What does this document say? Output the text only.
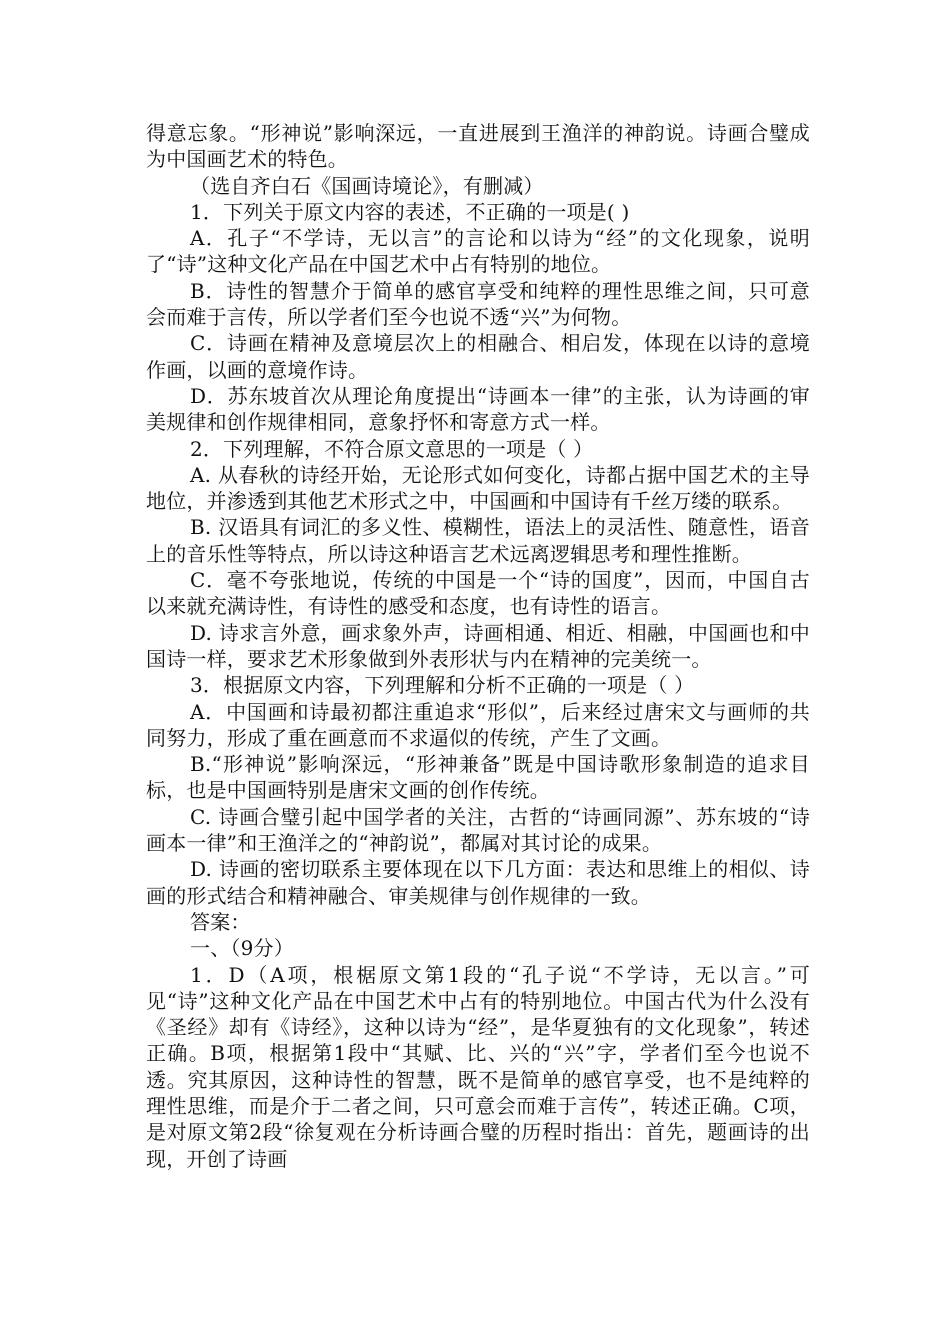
得意忘象。“形神说”影响深远，一直进展到王渔洋的神韵说。诗画合璧成为中国画艺术的特色。

（选自齐白石《国画诗境论》，有删减）

1．下列关于原文内容的表述，不正确的一项是( )

A．孔子“不学诗，无以言”的言论和以诗为“经”的文化现象，说明了“诗”这种文化产品在中国艺术中占有特别的地位。

B．诗性的智慧介于简单的感官享受和纯粹的理性思维之间，只可意会而难于言传，所以学者们至今也说不透“兴”为何物。

C．诗画在精神及意境层次上的相融合、相启发，体现在以诗的意境作画，以画的意境作诗。

D．苏东坡首次从理论角度提出“诗画本一律”的主张，认为诗画的审美规律和创作规律相同，意象抒怀和寄意方式一样。

2．下列理解，不符合原文意思的一项是（ ）

A. 从春秋的诗经开始，无论形式如何变化，诗都占据中国艺术的主导地位，并渗透到其他艺术形式之中，中国画和中国诗有千丝万缕的联系。

B. 汉语具有词汇的多义性、模糊性，语法上的灵活性、随意性，语音上的音乐性等特点，所以诗这种语言艺术远离逻辑思考和理性推断。

C．毫不夸张地说，传统的中国是一个“诗的国度”，因而，中国自古以来就充满诗性，有诗性的感受和态度，也有诗性的语言。

D. 诗求言外意，画求象外声，诗画相通、相近、相融，中国画也和中国诗一样，要求艺术形象做到外表形状与内在精神的完美统一。

3．根据原文内容，下列理解和分析不正确的一项是（ ）

A．中国画和诗最初都注重追求“形似”，后来经过唐宋文与画师的共同努力，形成了重在画意而不求逼似的传统，产生了文画。

B.“形神说”影响深远，“形神兼备”既是中国诗歌形象制造的追求目标，也是中国画特别是唐宋文画的创作传统。

C. 诗画合璧引起中国学者的关注，古哲的“诗画同源”、苏东坡的“诗画本一律”和王渔洋之的“神韵说”，都属对其讨论的成果。

D. 诗画的密切联系主要体现在以下几方面：表达和思维上的相似、诗画的形式结合和精神融合、审美规律与创作规律的一致。

答案：

一、（9分）

1．D（A项，根椐原文第1段的“孔子说“不学诗，无以言。”可见“诗”这种文化产品在中国艺术中占有的特别地位。中国古代为什么没有《圣经》却有《诗经》，这种以诗为“经”，是华夏独有的文化现象”，转述正确。B项，根据第1段中“其赋、比、兴的“兴”字，学者们至今也说不透。究其原因，这种诗性的智慧，既不是简单的感官享受，也不是纯粹的理性思维，而是介于二者之间，只可意会而难于言传”，转述正确。C项，是对原文第2段“徐复观在分析诗画合璧的历程时指出：首先，题画诗的出现，开创了诗画
